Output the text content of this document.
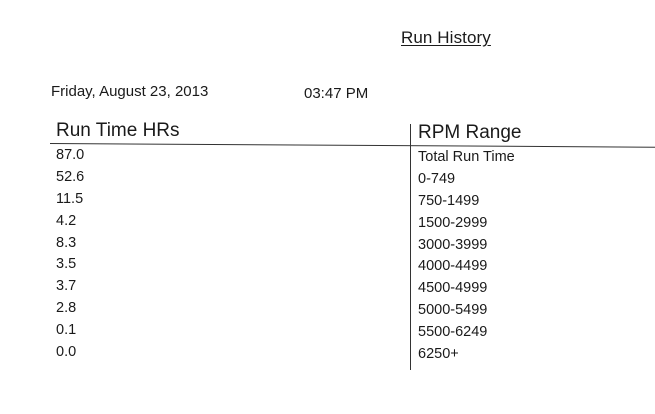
Run History
Friday, August 23, 2013	03:47 PM
Run Time HRs	RPM Range
87.0
52.6
11.5
4.2
8.3
3.5
3.7
2.8
0.1
0.0
Total Run Time
0-749
750-1499
1500-2999
3000-3999
4000-4499
4500-4999
5000-5499
5500-6249
6250+
